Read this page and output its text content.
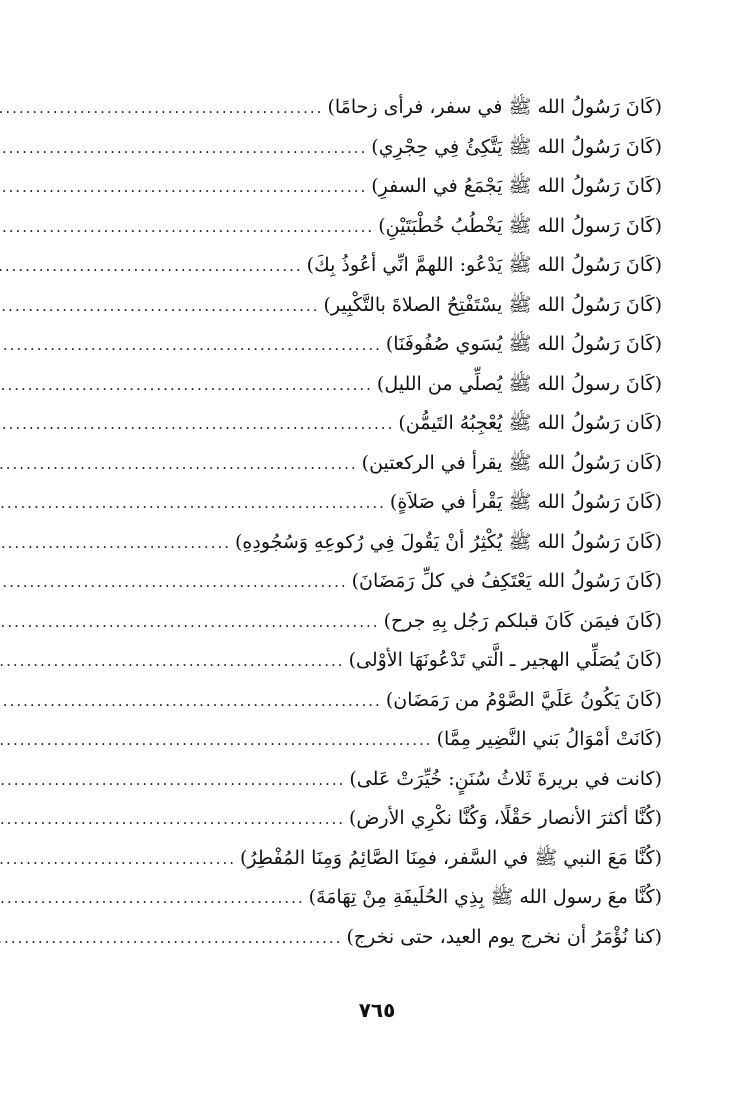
(كَانَ رَسُولُ الله ﷺ في سفر، فرأى زحامًا)
.....
(كَانَ رَسُولُ الله ﷺ يَتَّكِئُ فِي حِجْرِي)
.....
(كَانَ رَسُولُ الله ﷺ يَجْمَعُ في السفرِ)
.....
(كَانَ رَسولُ الله ﷺ يَخْطُبُ خُطْبَتَيْنِ)
.....
(كَانَ رَسُولُ الله ﷺ يَدْعُو: اللهمَّ انِّي أعُوذُ بِكَ)
.....
(كَانَ رَسُولُ الله ﷺ يسْتَفْتِحُ الصلاةَ بالتَّكْبِير)
.....
(كَانَ رَسُولُ الله ﷺ يُسَوي صُفُوفَنَا)
.....
(كَانَ رسولُ الله ﷺ يُصلِّي من الليل)
.....
(كَان رَسُولُ الله ﷺ يُعْجِبُهُ التَيمُّن)
.....
(كَان رَسُولُ الله ﷺ يقرأ في الركعتين)
.....
(كَانَ رَسُولُ الله ﷺ يَقْرأ في صَلاَةٍ)
.....
(كَانَ رَسُولُ الله ﷺ يُكْثِرُ أنْ يَقُولَ فِي رُكوعِهِ وَسُجُودِهِ)
.....
(كَانَ رَسُولُ الله يَعْتَكِفُ في كلِّ رَمَضَانَ)
.....
(كَانَ فيمَن كَانَ قبلكم رَجُل بِهِ جرح)
.....
(كَانَ يُصَلِّي الهجير ـ الَّتي تَدْعُونَهَا الأوْلى)
.....
(كَانَ يَكُونُ عَلَيَّ الصَّوْمُ من رَمَضَان)
.....
(كَانَتْ أمْوَالُ بَني النَّضِير مِمَّا)
.....
(كانت في بريرةَ ثَلاثُ سُنَنٍ: خُيِّرَتْ عَلى)
.....
(كُنَّا أكثرَ الأنصار حَقْلًا، وَكُنَّا نكْرِي الأرض)
.....
(كُنَّا مَعَ النبي ﷺ في السَّفر، فمِنَا الصَّائِمُ وَمِنَا المُفْطِرُ)
.....
(كُنَّا معَ رسول الله ﷺ بِذِي الحُلَيفَةِ مِنْ تِهَامَةَ)
.....
(كنا نُؤْمَرُ أن نخرج يوم العيد، حتى نخرج)
.....
٧٦٥
